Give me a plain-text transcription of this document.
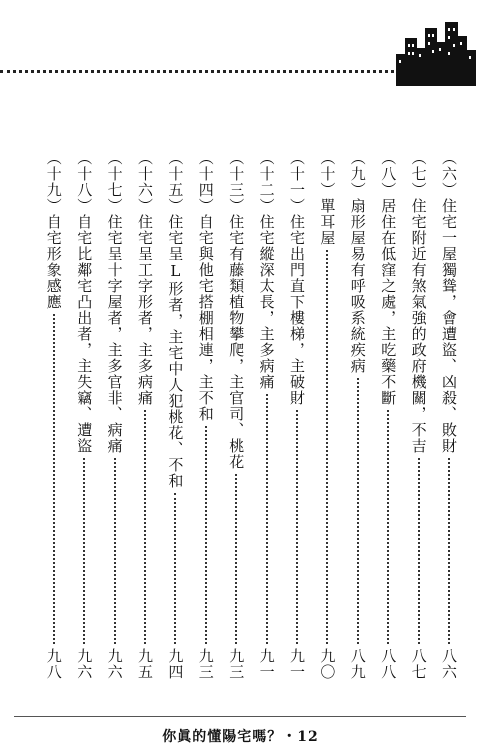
（六）住宅一屋獨聳，會遭盜、凶殺、敗財
八六
（七）住宅附近有煞氣強的政府機關，不吉
八七
（八）居住在低窪之處，主吃藥不斷
八八
（九）扇形屋易有呼吸系統疾病
八九
（十）單耳屋
九〇
（十一）住宅出門直下樓梯，主破財
九一
（十二）住宅縱深太長，主多病痛
九一
（十三）住宅有藤類植物攀爬，主官司、桃花
九三
（十四）自宅與他宅搭棚相連，主不和
九三
（十五）住宅呈L形者，主宅中人犯桃花、不和
九四
（十六）住宅呈工字形者，主多病痛
九五
（十七）住宅呈十字屋者，主多官非、病痛
九六
（十八）自宅比鄰宅凸出者，主失竊、遭盜
九六
（十九）自宅形象感應
九八
你眞的懂陽宅嗎？・12
